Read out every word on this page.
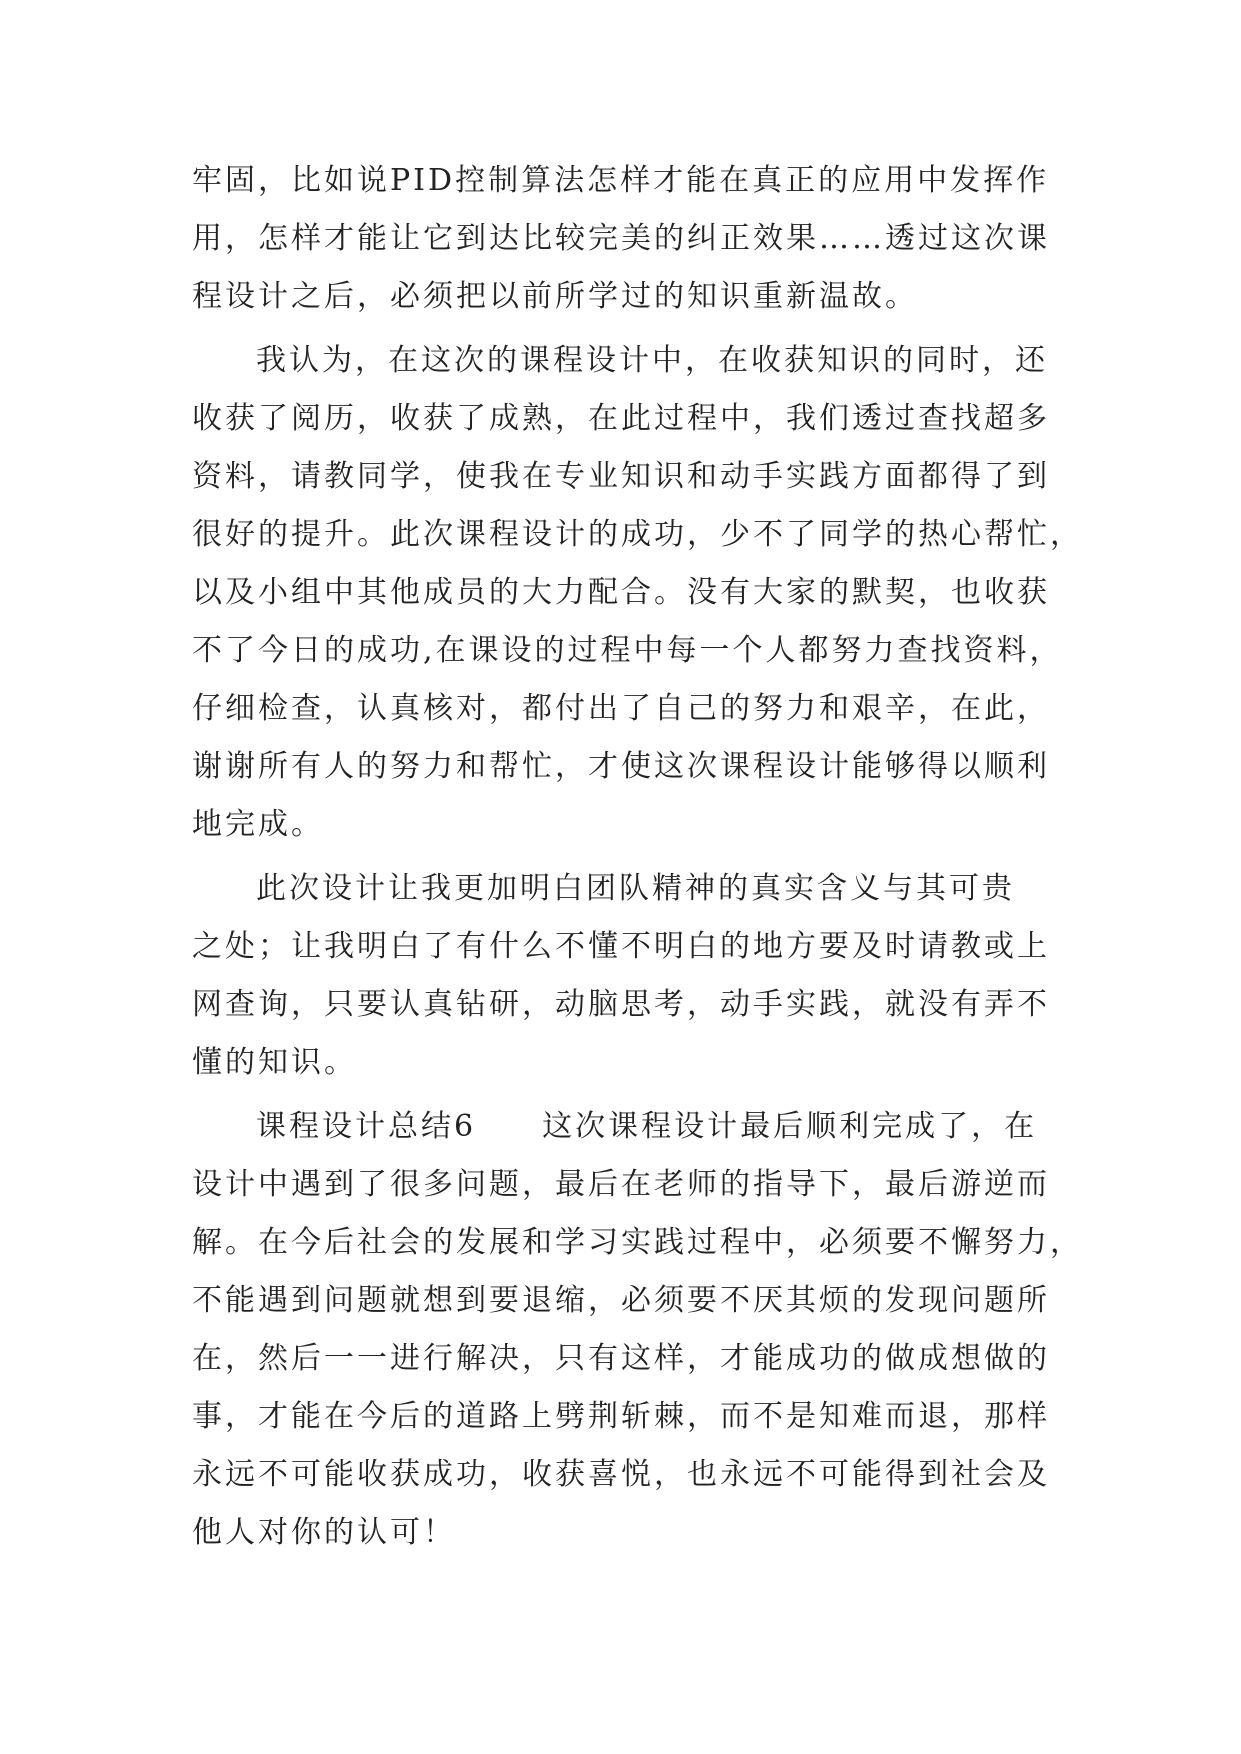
牢固，比如说PID控制算法怎样才能在真正的应用中发挥作
用，怎样才能让它到达比较完美的纠正效果……透过这次课
程设计之后，必须把以前所学过的知识重新温故。
我认为，在这次的课程设计中，在收获知识的同时，还
收获了阅历，收获了成熟，在此过程中，我们透过查找超多
资料，请教同学，使我在专业知识和动手实践方面都得了到
很好的提升。此次课程设计的成功，少不了同学的热心帮忙，
以及小组中其他成员的大力配合。没有大家的默契，也收获
不了今日的成功,在课设的过程中每一个人都努力查找资料，
仔细检查，认真核对，都付出了自己的努力和艰辛，在此，
谢谢所有人的努力和帮忙，才使这次课程设计能够得以顺利
地完成。
此次设计让我更加明白团队精神的真实含义与其可贵
之处；让我明白了有什么不懂不明白的地方要及时请教或上
网查询，只要认真钻研，动脑思考，动手实践，就没有弄不
懂的知识。
课程设计总结6 这次课程设计最后顺利完成了，在
设计中遇到了很多问题，最后在老师的指导下，最后游逆而
解。在今后社会的发展和学习实践过程中，必须要不懈努力，
不能遇到问题就想到要退缩，必须要不厌其烦的发现问题所
在，然后一一进行解决，只有这样，才能成功的做成想做的
事，才能在今后的道路上劈荆斩棘，而不是知难而退，那样
永远不可能收获成功，收获喜悦，也永远不可能得到社会及
他人对你的认可！
